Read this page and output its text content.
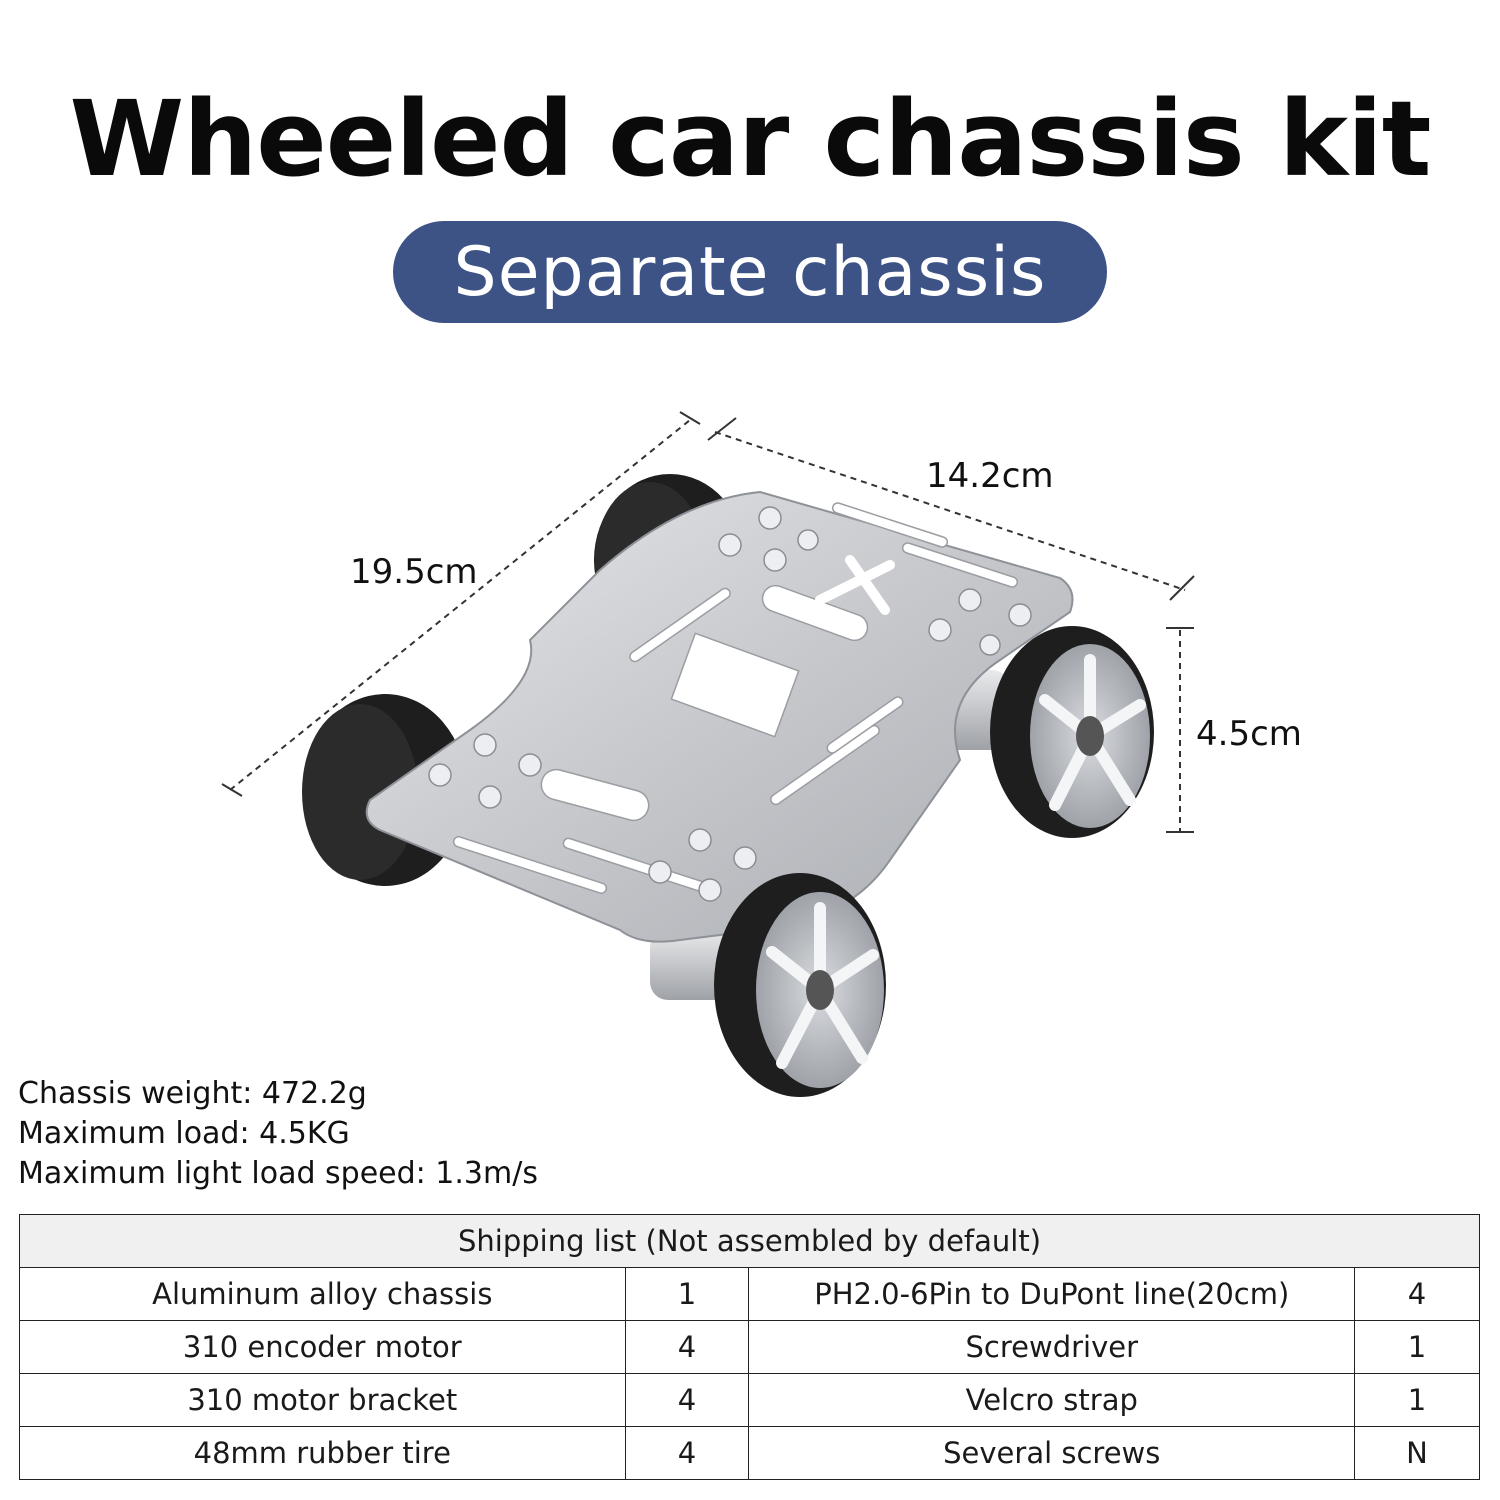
Wheeled car chassis kit
Separate chassis
19.5cm
14.2cm
4.5cm
Chassis weight: 472.2g
Maximum load: 4.5KG
Maximum light load speed: 1.3m/s
Shipping list (Not assembled by default)			
Aluminum alloy chassis	1	PH2.0-6Pin to DuPont line(20cm)	4
310 encoder motor	4	Screwdriver	1
310 motor bracket	4	Velcro strap	1
48mm rubber tire	4	Several screws	N
